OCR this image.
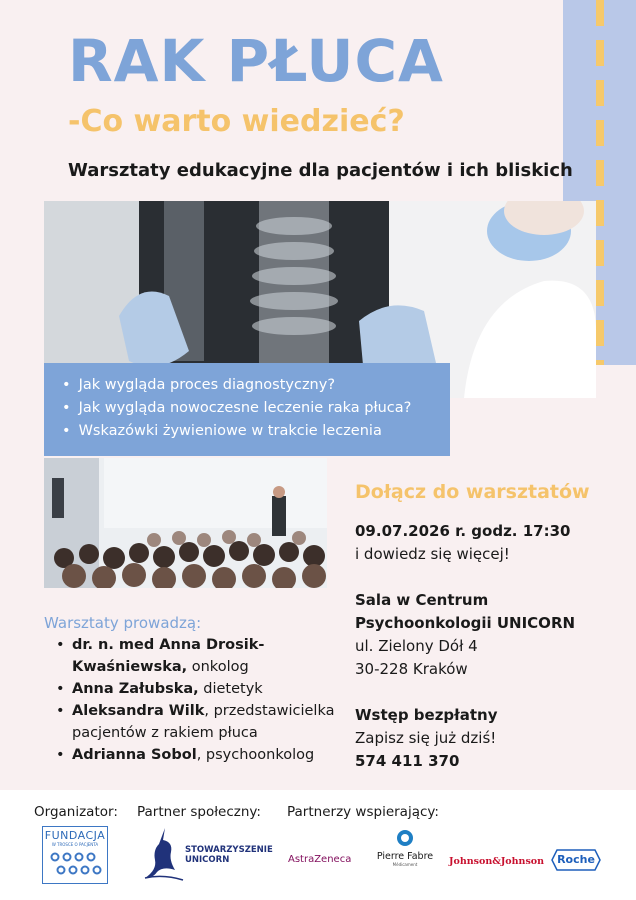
RAK PŁUCA
-Co warto wiedzieć?
Warsztaty edukacyjne dla pacjentów i ich bliskich
• Jak wygląda proces diagnostyczny?
• Jak wygląda nowoczesne leczenie raka płuca?
• Wskazówki żywieniowe w trakcie leczenia
Dołącz do warsztatów
09.07.2026 r. godz. 17:30
i dowiedz się więcej!
Sala w Centrum
Psychoonkologii UNICORN
ul. Zielony Dół 4
30-228 Kraków
Wstęp bezpłatny
Zapisz się już dziś!
574 411 370
Warsztaty prowadzą:
• dr. n. med Anna Drosik-Kwaśniewska, onkolog
• Anna Załubska, dietetyk
• Aleksandra Wilk, przedstawicielka pacjentów z rakiem płuca
• Adrianna Sobol, psychoonkolog
Organizator: Partner społeczny: Partnerzy wspierający:
FUNDACJA
W TROSCE O PACJENTA
STOWARZYSZENIE
UNICORN	AstraZeneca	Pierre Fabre
Médicament	Johnson&Johnson	Roche
